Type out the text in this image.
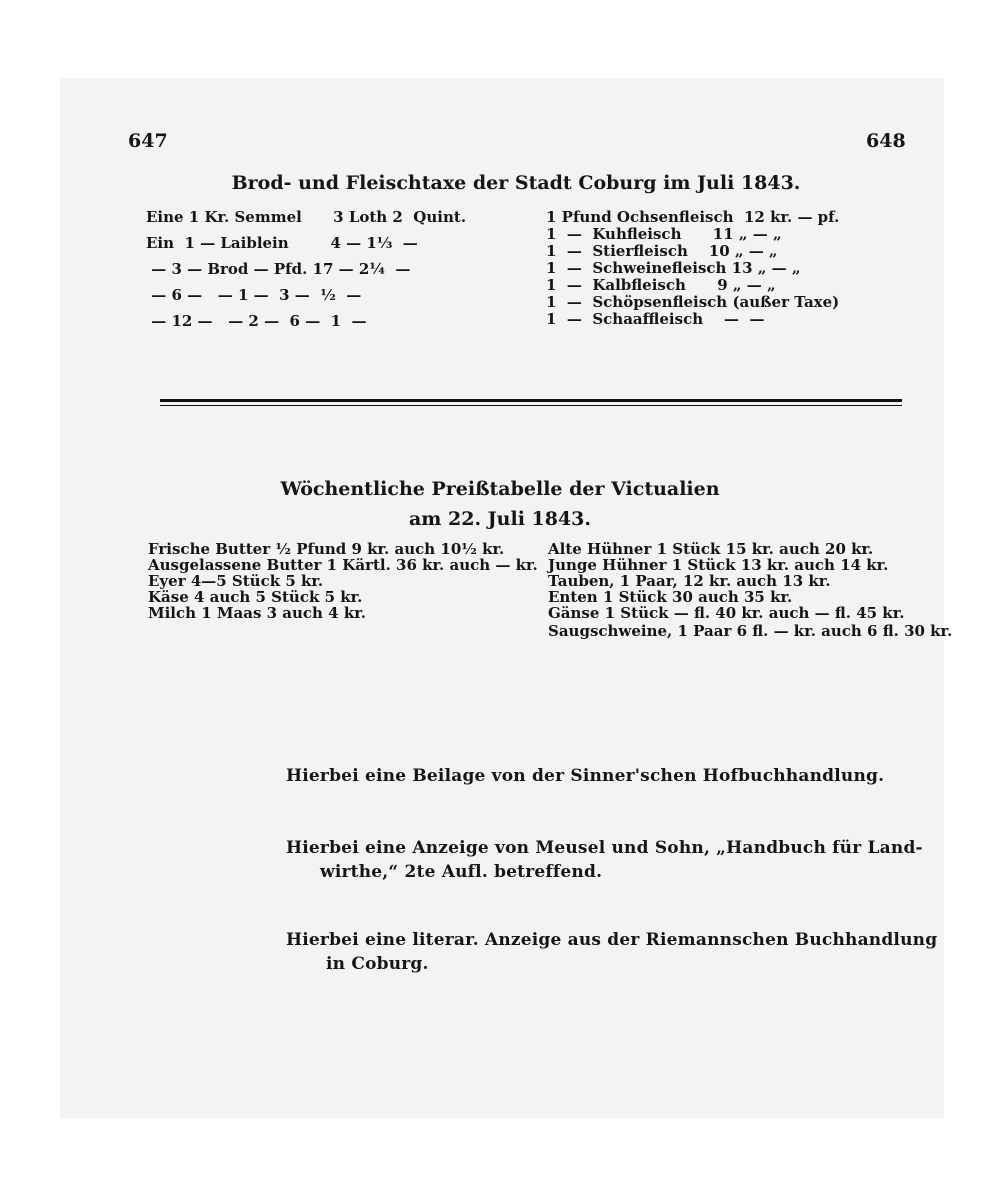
647	648
Brod- und Fleischtaxe der Stadt Coburg im Juli 1843.
Eine 1 Kr. Semmel      3 Loth 2  Quint.
Ein  1 — Laiblein        4 — 1⅓  —
— 3 — Brod — Pfd. 17 — 2¼  —
— 6 —   — 1 —  3 —  ½  —
— 12 —   — 2 —  6 —  1  —
1 Pfund Ochsenfleisch  12 kr. — pf.
1  —  Kuhfleisch      11 „ — „
1  —  Stierfleisch    10 „ — „
1  —  Schweinefleisch 13 „ — „
1  —  Kalbfleisch      9 „ — „
1  —  Schöpsenfleisch (außer Taxe)
1  —  Schaaffleisch    —  —
Wöchentliche Preißtabelle der Victualien
am 22. Juli 1843.
Frische Butter ½ Pfund 9 kr. auch 10½ kr.
Ausgelassene Butter 1 Kärtl. 36 kr. auch — kr.
Eyer 4—5 Stück 5 kr.
Käse 4 auch 5 Stück 5 kr.
Milch 1 Maas 3 auch 4 kr.
Alte Hühner 1 Stück 15 kr. auch 20 kr.
Junge Hühner 1 Stück 13 kr. auch 14 kr.
Tauben, 1 Paar, 12 kr. auch 13 kr.
Enten 1 Stück 30 auch 35 kr.
Gänse 1 Stück — fl. 40 kr. auch — fl. 45 kr.
Saugschweine, 1 Paar 6 fl. — kr. auch 6 fl. 30 kr.
Hierbei eine Beilage von der Sinner'schen Hofbuchhandlung.
Hierbei eine Anzeige von Meusel und Sohn, „Handbuch für Land-
wirthe,“ 2te Aufl. betreffend.
Hierbei eine literar. Anzeige aus der Riemannschen Buchhandlung
in Coburg.
